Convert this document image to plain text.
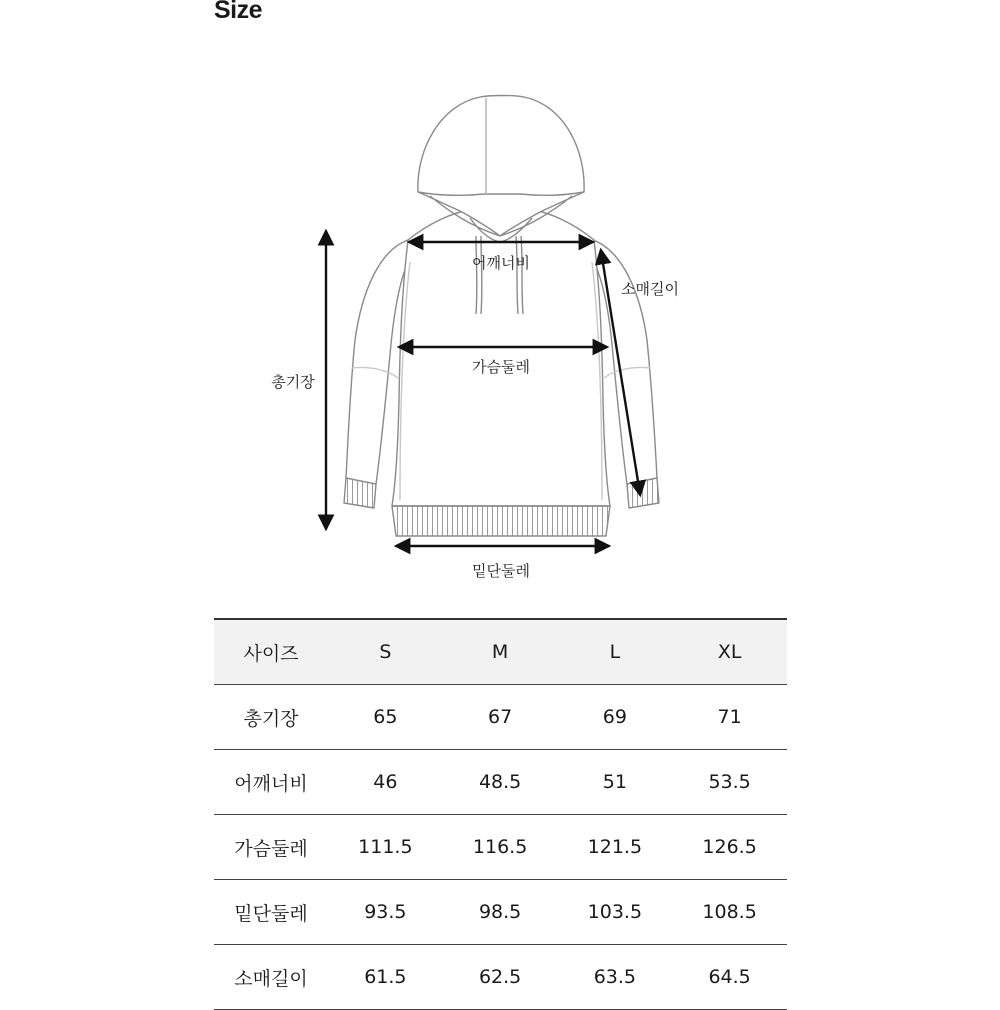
Size
어깨너비
소매길이
총기장
가슴둘레
밑단둘레
사이즈	S	M	L	XL
총기장	65	67	69	71
어깨너비	46	48.5	51	53.5
가슴둘레	111.5	116.5	121.5	126.5
밑단둘레	93.5	98.5	103.5	108.5
소매길이	61.5	62.5	63.5	64.5
